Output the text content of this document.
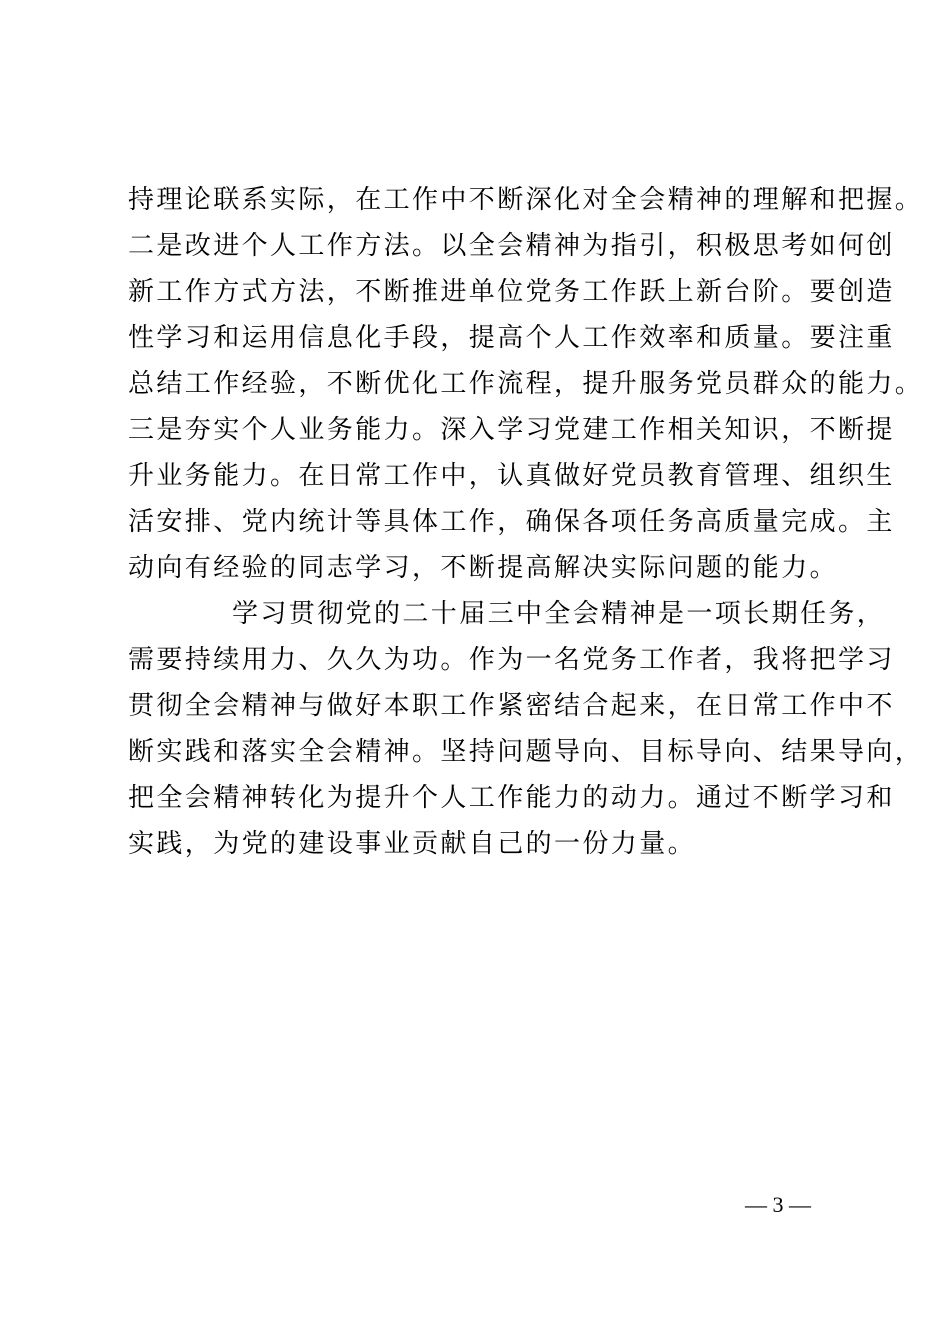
持理论联系实际，在工作中不断深化对全会精神的理解和把握。
二是改进个人工作方法。以全会精神为指引，积极思考如何创
新工作方式方法，不断推进单位党务工作跃上新台阶。要创造
性学习和运用信息化手段，提高个人工作效率和质量。要注重
总结工作经验，不断优化工作流程，提升服务党员群众的能力。
三是夯实个人业务能力。深入学习党建工作相关知识，不断提
升业务能力。在日常工作中，认真做好党员教育管理、组织生
活安排、党内统计等具体工作，确保各项任务高质量完成。主
动向有经验的同志学习，不断提高解决实际问题的能力。
学习贯彻党的二十届三中全会精神是一项长期任务，
需要持续用力、久久为功。作为一名党务工作者，我将把学习
贯彻全会精神与做好本职工作紧密结合起来，在日常工作中不
断实践和落实全会精神。坚持问题导向、目标导向、结果导向，
把全会精神转化为提升个人工作能力的动力。通过不断学习和
实践，为党的建设事业贡献自己的一份力量。
— 3 —
